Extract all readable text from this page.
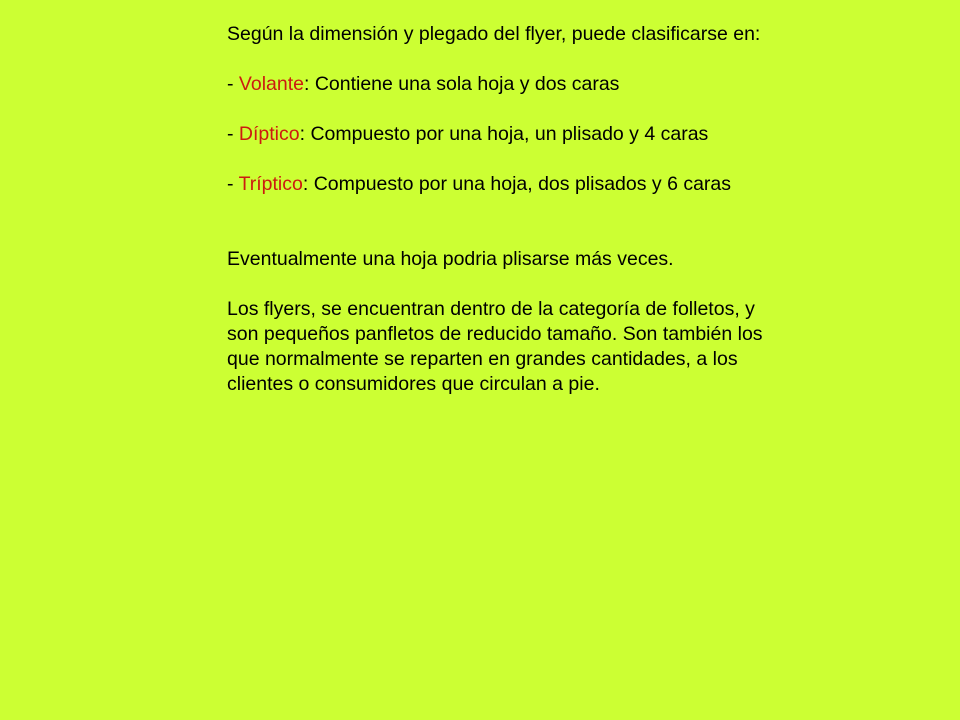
Según la dimensión y plegado del flyer, puede clasificarse en:

- Volante: Contiene una sola hoja y dos caras

- Díptico: Compuesto por una hoja, un plisado y 4 caras

- Tríptico: Compuesto por una hoja, dos plisados y 6 caras

Eventualmente una hoja podria plisarse más veces.

Los flyers, se encuentran dentro de la categoría de folletos, y son pequeños panfletos de reducido tamaño. Son también los que normalmente se reparten en grandes cantidades, a los clientes o consumidores que circulan a pie.
